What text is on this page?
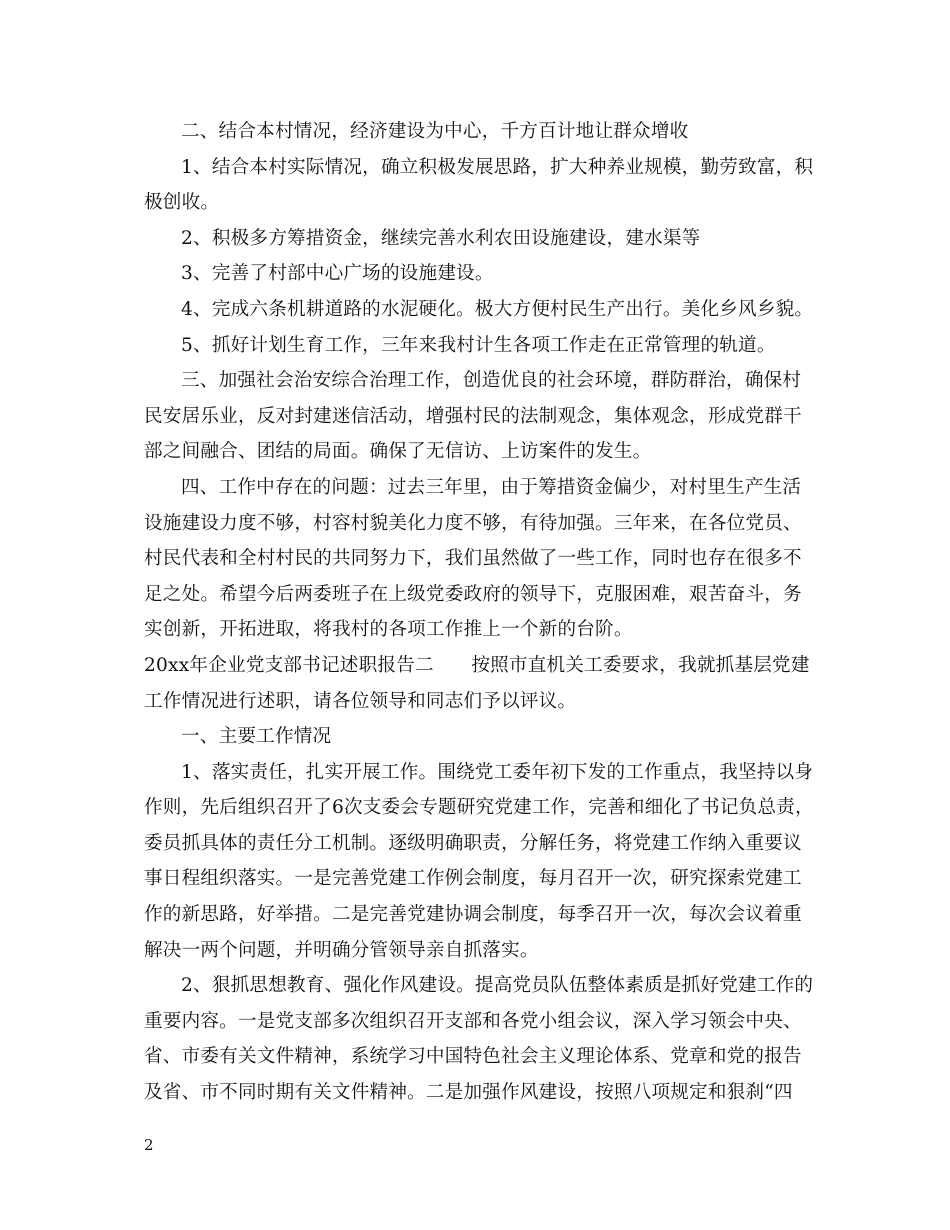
二、结合本村情况，经济建设为中心，千方百计地让群众增收
1、结合本村实际情况，确立积极发展思路，扩大种养业规模，勤劳致富，积
极创收。
2、积极多方筹措资金，继续完善水利农田设施建设，建水渠等
3、完善了村部中心广场的设施建设。
4、完成六条机耕道路的水泥硬化。极大方便村民生产出行。美化乡风乡貌。
5、抓好计划生育工作，三年来我村计生各项工作走在正常管理的轨道。
三、加强社会治安综合治理工作，创造优良的社会环境，群防群治，确保村
民安居乐业，反对封建迷信活动，增强村民的法制观念，集体观念，形成党群干
部之间融合、团结的局面。确保了无信访、上访案件的发生。
四、工作中存在的问题：过去三年里，由于筹措资金偏少，对村里生产生活
设施建设力度不够，村容村貌美化力度不够，有待加强。三年来，在各位党员、
村民代表和全村村民的共同努力下，我们虽然做了一些工作，同时也存在很多不
足之处。希望今后两委班子在上级党委政府的领导下，克服困难，艰苦奋斗，务
实创新，开拓进取，将我村的各项工作推上一个新的台阶。
20xx年企业党支部书记述职报告二　　按照市直机关工委要求，我就抓基层党建
工作情况进行述职，请各位领导和同志们予以评议。
一、主要工作情况
1、落实责任，扎实开展工作。围绕党工委年初下发的工作重点，我坚持以身
作则，先后组织召开了6次支委会专题研究党建工作，完善和细化了书记负总责，
委员抓具体的责任分工机制。逐级明确职责，分解任务，将党建工作纳入重要议
事日程组织落实。一是完善党建工作例会制度，每月召开一次，研究探索党建工
作的新思路，好举措。二是完善党建协调会制度，每季召开一次，每次会议着重
解决一两个问题，并明确分管领导亲自抓落实。
2、狠抓思想教育、强化作风建设。提高党员队伍整体素质是抓好党建工作的
重要内容。一是党支部多次组织召开支部和各党小组会议，深入学习领会中央、
省、市委有关文件精神，系统学习中国特色社会主义理论体系、党章和党的报告
及省、市不同时期有关文件精神。二是加强作风建设，按照八项规定和狠刹“四
2
